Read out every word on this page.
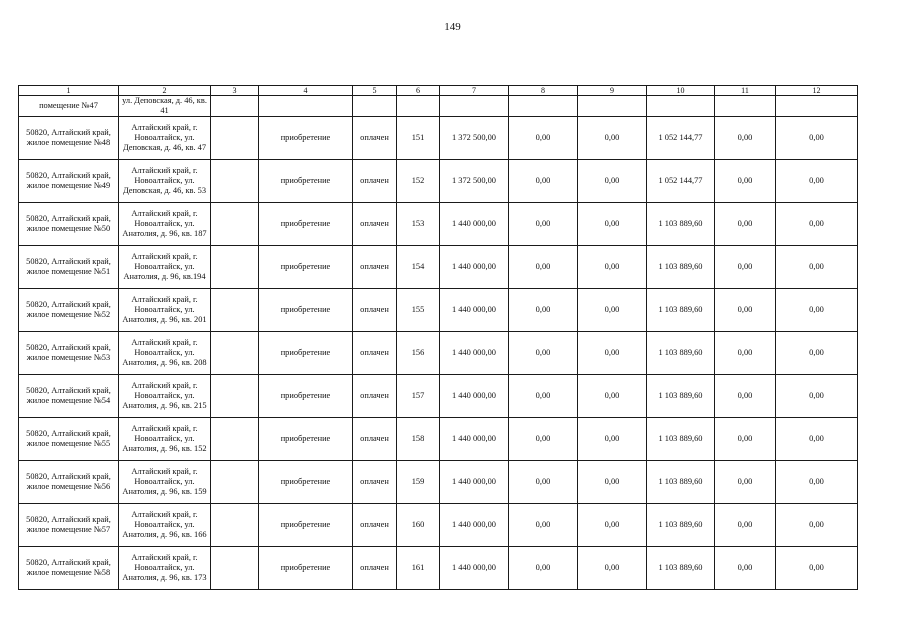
149
1	2	3	4	5	6	7	8	9	10	11	12
помещение №47	ул. Деповская, д. 46, кв. 41										
50820, Алтайский край, жилое помещение №48	Алтайский край, г. Новоалтайск, ул. Деповская, д. 46, кв. 47		приобретение	оплачен	151	1 372 500,00	0,00	0,00	1 052 144,77	0,00	0,00
50820, Алтайский край, жилое помещение №49	Алтайский край, г. Новоалтайск, ул. Деповская, д. 46, кв. 53		приобретение	оплачен	152	1 372 500,00	0,00	0,00	1 052 144,77	0,00	0,00
50820, Алтайский край, жилое помещение №50	Алтайский край, г. Новоалтайск, ул. Анатолия, д. 96, кв. 187		приобретение	оплачен	153	1 440 000,00	0,00	0,00	1 103 889,60	0,00	0,00
50820, Алтайский край, жилое помещение №51	Алтайский край, г. Новоалтайск, ул. Анатолия, д. 96, кв.194		приобретение	оплачен	154	1 440 000,00	0,00	0,00	1 103 889,60	0,00	0,00
50820, Алтайский край, жилое помещение №52	Алтайский край, г. Новоалтайск, ул. Анатолия, д. 96, кв. 201		приобретение	оплачен	155	1 440 000,00	0,00	0,00	1 103 889,60	0,00	0,00
50820, Алтайский край, жилое помещение №53	Алтайский край, г. Новоалтайск, ул. Анатолия, д. 96, кв. 208		приобретение	оплачен	156	1 440 000,00	0,00	0,00	1 103 889,60	0,00	0,00
50820, Алтайский край, жилое помещение №54	Алтайский край, г. Новоалтайск, ул. Анатолия, д. 96, кв. 215		приобретение	оплачен	157	1 440 000,00	0,00	0,00	1 103 889,60	0,00	0,00
50820, Алтайский край, жилое помещение №55	Алтайский край, г. Новоалтайск, ул. Анатолия, д. 96, кв. 152		приобретение	оплачен	158	1 440 000,00	0,00	0,00	1 103 889,60	0,00	0,00
50820, Алтайский край, жилое помещение №56	Алтайский край, г. Новоалтайск, ул. Анатолия, д. 96, кв. 159		приобретение	оплачен	159	1 440 000,00	0,00	0,00	1 103 889,60	0,00	0,00
50820, Алтайский край, жилое помещение №57	Алтайский край, г. Новоалтайск, ул. Анатолия, д. 96, кв. 166		приобретение	оплачен	160	1 440 000,00	0,00	0,00	1 103 889,60	0,00	0,00
50820, Алтайский край, жилое помещение №58	Алтайский край, г. Новоалтайск, ул. Анатолия, д. 96, кв. 173		приобретение	оплачен	161	1 440 000,00	0,00	0,00	1 103 889,60	0,00	0,00
